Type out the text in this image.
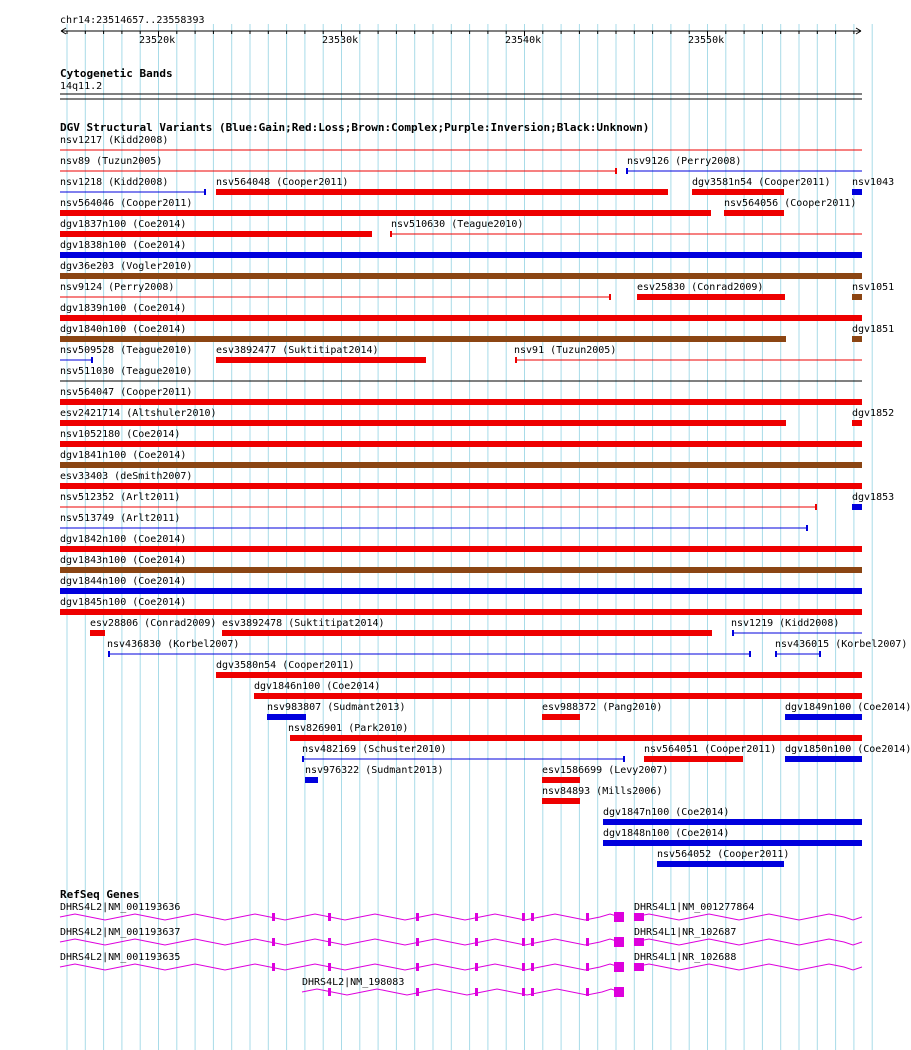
chr14:23514657..23558393
23520k	23530k	23540k	23550k
Cytogenetic Bands
14q11.2
DGV Structural Variants (Blue:Gain;Red:Loss;Brown:Complex;Purple:Inversion;Black:Unknown)
RefSeq Genes
nsv1217 (Kidd2008)
nsv89 (Tuzun2005)	nsv9126 (Perry2008)
nsv1218 (Kidd2008)	nsv564048 (Cooper2011)	dgv3581n54 (Cooper2011) nsv1043
nsv564046 (Cooper2011)	nsv564056 (Cooper2011)
dgv1837n100 (Coe2014)	nsv510630 (Teague2010)
dgv1838n100 (Coe2014)
dgv36e203 (Vogler2010)
nsv9124 (Perry2008)	esv25830 (Conrad2009)	nsv1051
dgv1839n100 (Coe2014)
dgv1840n100 (Coe2014)	dgv1851
nsv509528 (Teague2010) esv3892477 (Suktitipat2014)	nsv91 (Tuzun2005)
nsv511030 (Teague2010)
nsv564047 (Cooper2011)
esv2421714 (Altshuler2010)	dgv1852
nsv1052180 (Coe2014)
dgv1841n100 (Coe2014)
esv33403 (deSmith2007)
nsv512352 (Arlt2011)	dgv1853
nsv513749 (Arlt2011)
dgv1842n100 (Coe2014)
dgv1843n100 (Coe2014)
dgv1844n100 (Coe2014)
dgv1845n100 (Coe2014)
esv28806 (Conrad2009) esv3892478 (Suktitipat2014)	nsv1219 (Kidd2008)
nsv436830 (Korbel2007)	nsv436015 (Korbel2007)
dgv3580n54 (Cooper2011)
dgv1846n100 (Coe2014)
nsv983807 (Sudmant2013)	esv988372 (Pang2010)	dgv1849n100 (Coe2014)
nsv826901 (Park2010)
nsv482169 (Schuster2010)	nsv564051 (Cooper2011) dgv1850n100 (Coe2014)
nsv976322 (Sudmant2013)	esv1586699 (Levy2007)
nsv84893 (Mills2006)
dgv1847n100 (Coe2014)
dgv1848n100 (Coe2014)
nsv564052 (Cooper2011)
DHRS4L2|NM_001193636	DHRS4L1|NM_001277864
DHRS4L2|NM_001193637	DHRS4L1|NR_102687
DHRS4L2|NM_001193635	DHRS4L1|NR_102688
DHRS4L2|NM_198083
